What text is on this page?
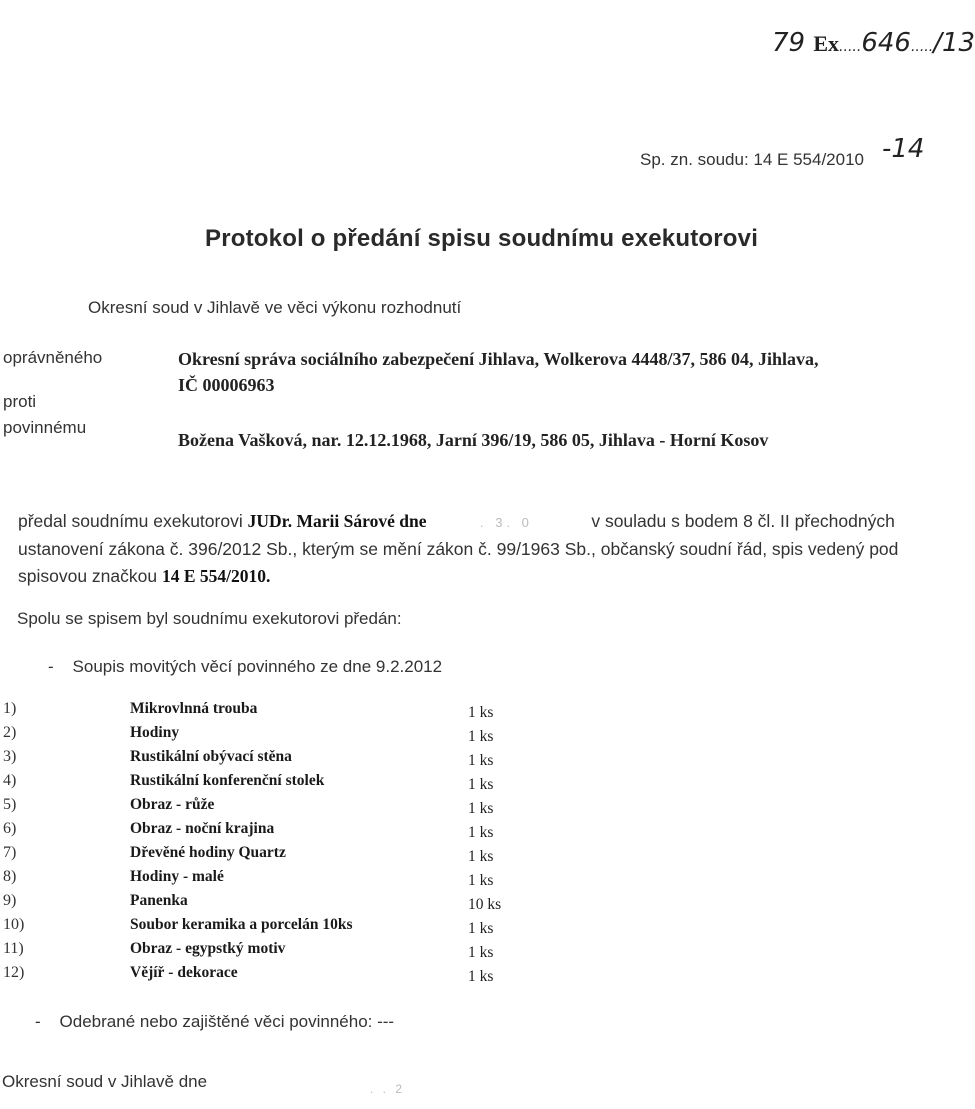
79 Ex.....646...../13
-14
Sp. zn. soudu: 14 E 554/2010
Protokol o předání spisu soudnímu exekutorovi
Okresní soud v Jihlavě ve věci výkonu rozhodnutí
oprávněného
proti
povinnému
Okresní správa sociálního zabezpečení Jihlava, Wolkerova 4448/37, 586 04, Jihlava, IČ 00006963
Božena Vašková, nar. 12.12.1968, Jarní 396/19, 586 05, Jihlava - Horní Kosov
předal soudnímu exekutorovi JUDr. Marii Sárové dne	. 3. 0	v souladu s bodem 8 čl. II přechodných ustanovení zákona č. 396/2012 Sb., kterým se mění zákon č. 99/1963 Sb., občanský soudní řád, spis vedený pod spisovou značkou 14 E 554/2010.
Spolu se spisem byl soudnímu exekutorovi předán:
-    Soupis movitých věcí povinného ze dne 9.2.2012
1)	Mikrovlnná trouba	1 ks
2)	Hodiny	1 ks
3)	Rustikální obývací stěna	1 ks
4)	Rustikální konferenční stolek	1 ks
5)	Obraz - růže	1 ks
6)	Obraz - noční krajina	1 ks
7)	Dřevěné hodiny Quartz	1 ks
8)	Hodiny - malé	1 ks
9)	Panenka	10 ks
10)	Soubor keramika a porcelán 10ks	1 ks
11)	Obraz - egypstký motiv	1 ks
12)	Vějíř - dekorace	1 ks
-    Odebrané nebo zajištěné věci povinného: ---
Okresní soud v Jihlavě dne	. . 2
